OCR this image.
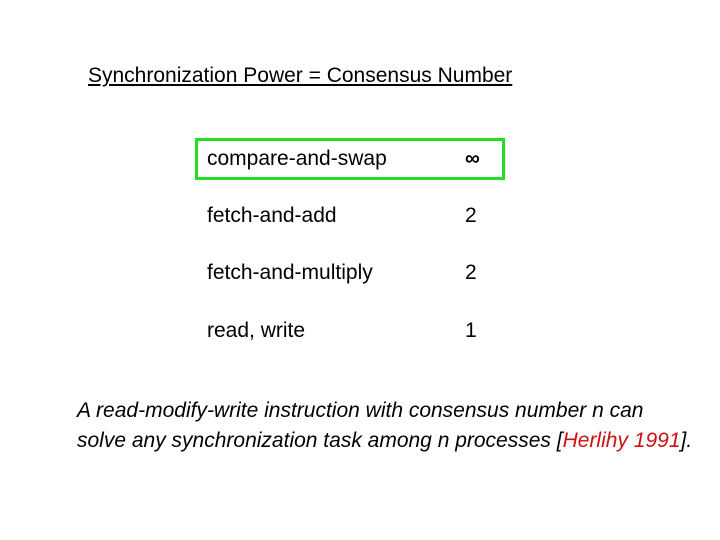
Synchronization Power = Consensus Number
compare-and-swap	∞
fetch-and-add	2
fetch-and-multiply	2
read, write	1
A read-modify-write instruction with consensus number n can solve any synchronization task among n processes [Herlihy 1991].
